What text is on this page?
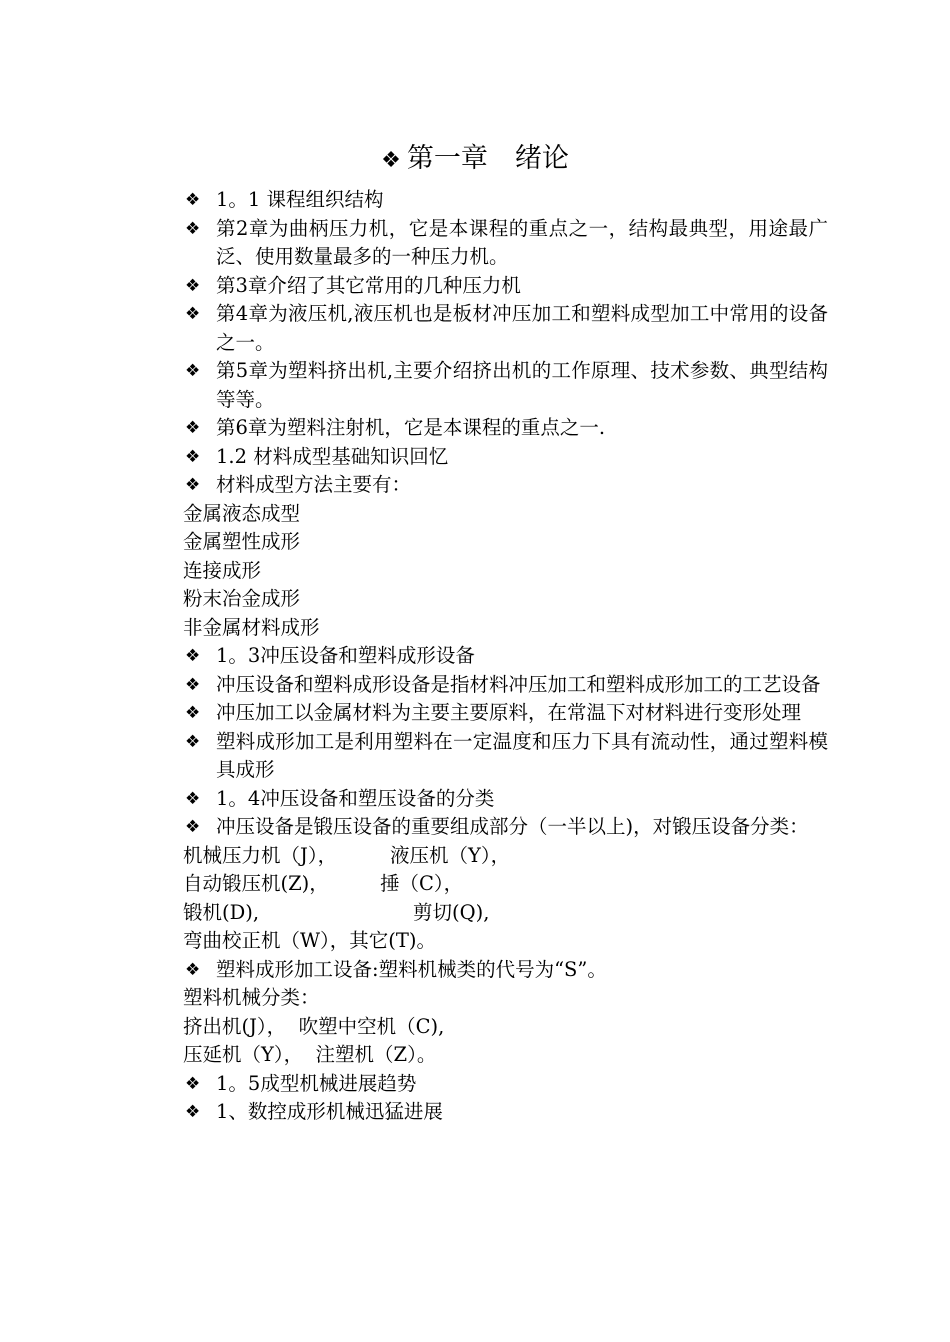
❖ 第一章　绪论
❖ 1。1 课程组织结构
❖ 第2章为曲柄压力机，它是本课程的重点之一，结构最典型，用途最广泛、使用数量最多的一种压力机。
❖ 第3章介绍了其它常用的几种压力机
❖ 第4章为液压机,液压机也是板材冲压加工和塑料成型加工中常用的设备之一。
❖ 第5章为塑料挤出机,主要介绍挤出机的工作原理、技术参数、典型结构等等。
❖ 第6章为塑料注射机，它是本课程的重点之一.
❖ 1.2 材料成型基础知识回忆
❖ 材料成型方法主要有：
金属液态成型
金属塑性成形
连接成形
粉末冶金成形
非金属材料成形
❖ 1。3冲压设备和塑料成形设备
❖ 冲压设备和塑料成形设备是指材料冲压加工和塑料成形加工的工艺设备
❖ 冲压加工以金属材料为主要主要原料，在常温下对材料进行变形处理
❖ 塑料成形加工是利用塑料在一定温度和压力下具有流动性，通过塑料模具成形
❖ 1。4冲压设备和塑压设备的分类
❖ 冲压设备是锻压设备的重要组成部分（一半以上)，对锻压设备分类：
机械压力机（J），	液压机（Y），
自动锻压机(Z)，	捶（C），
锻机(D),	剪切(Q),
弯曲校正机（W），其它(T)。
❖ 塑料成形加工设备:塑料机械类的代号为“S”。
塑料机械分类：
挤出机(J），  吹塑中空机（C),
压延机（Y），  注塑机（Z）。
❖ 1。5成型机械进展趋势
❖ 1、数控成形机械迅猛进展
